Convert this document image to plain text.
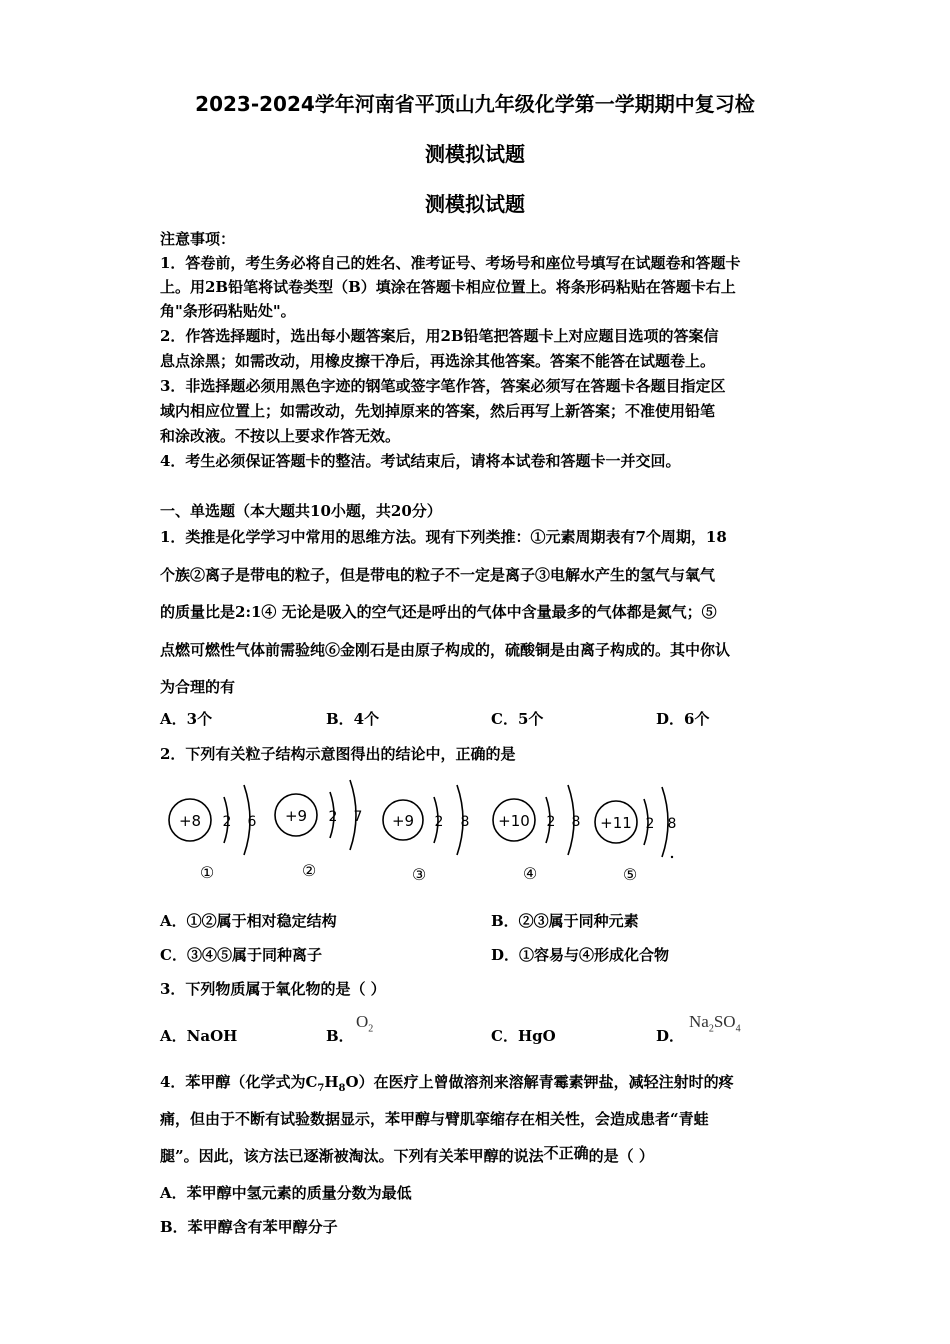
2023-2024学年河南省平顶山九年级化学第一学期期中复习检
测模拟试题
测模拟试题
注意事项：
1．答卷前，考生务必将自己的姓名、准考证号、考场号和座位号填写在试题卷和答题卡
上。用2B铅笔将试卷类型（B）填涂在答题卡相应位置上。将条形码粘贴在答题卡右上
角"条形码粘贴处"。
2．作答选择题时，选出每小题答案后，用2B铅笔把答题卡上对应题目选项的答案信
息点涂黑；如需改动，用橡皮擦干净后，再选涂其他答案。答案不能答在试题卷上。
3．非选择题必须用黑色字迹的钢笔或签字笔作答，答案必须写在答题卡各题目指定区
域内相应位置上；如需改动，先划掉原来的答案，然后再写上新答案；不准使用铅笔
和涂改液。不按以上要求作答无效。
4．考生必须保证答题卡的整洁。考试结束后，请将本试卷和答题卡一并交回。
一、单选题（本大题共10小题，共20分）
1．类推是化学学习中常用的思维方法。现有下列类推：①元素周期表有7个周期，18
个族②离子是带电的粒子，但是带电的粒子不一定是离子③电解水产生的氢气与氧气
的质量比是2:1④ 无论是吸入的空气还是呼出的气体中含量最多的气体都是氮气；⑤
点燃可燃性气体前需验纯⑥金刚石是由原子构成的，硫酸铜是由离子构成的。其中你认
为合理的有
A．3个	B．4个	C．5个	D．6个
2．下列有关粒子结构示意图得出的结论中，正确的是
+8 2 6
①
+9 2 7
②
+9 2 8
③
+10 2 8
④
+11 2 8
⑤
A．①②属于相对稳定结构	B．②③属于同种元素
C．③④⑤属于同种离子	D．①容易与④形成化合物
3．下列物质属于氧化物的是（ ）
A．NaOH	B．
$O_2$	C．HgO	D．
$Na_2SO_4$
4．苯甲醇（化学式为$C_7H_8O$）在医疗上曾做溶剂来溶解青霉素钾盐，减轻注射时的疼
痛，但由于不断有试验数据显示，苯甲醇与臂肌挛缩存在相关性，会造成患者“青蛙
腿”。因此，该方法已逐渐被淘汰。下列有关苯甲醇的说法不正确的是（ ）
A．苯甲醇中氢元素的质量分数为最低
B．苯甲醇含有苯甲醇分子
